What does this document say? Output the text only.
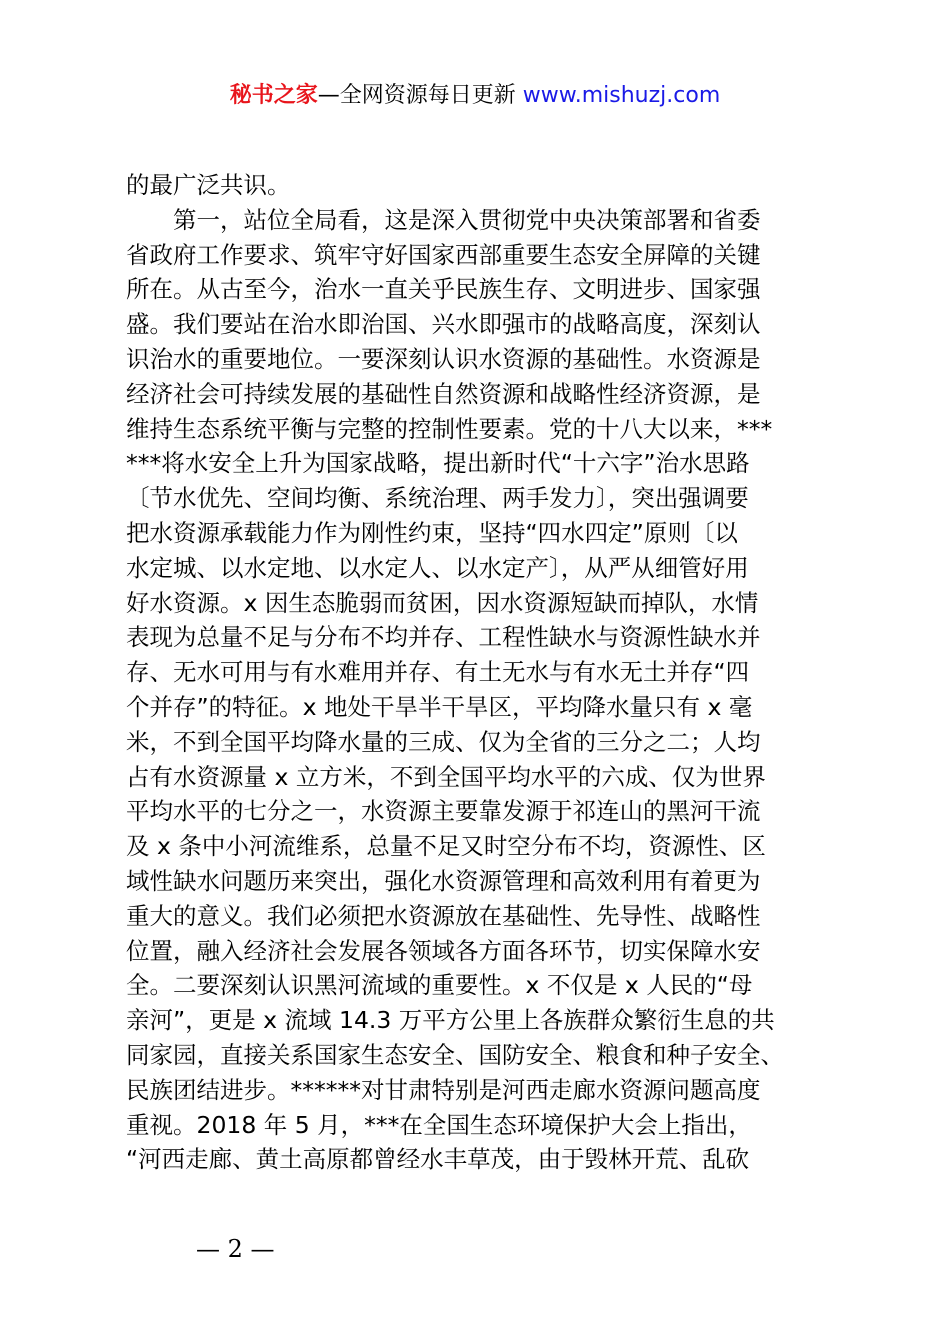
秘书之家—全网资源每日更新 www.mishuzj.com
的最广泛共识。
　　第一，站位全局看，这是深入贯彻党中央决策部署和省委
省政府工作要求、筑牢守好国家西部重要生态安全屏障的关键
所在。从古至今，治水一直关乎民族生存、文明进步、国家强
盛。我们要站在治水即治国、兴水即强市的战略高度，深刻认
识治水的重要地位。一要深刻认识水资源的基础性。水资源是
经济社会可持续发展的基础性自然资源和战略性经济资源，是
维持生态系统平衡与完整的控制性要素。党的十八大以来，***
***将水安全上升为国家战略，提出新时代“十六字”治水思路
〔节水优先、空间均衡、系统治理、两手发力〕，突出强调要
把水资源承载能力作为刚性约束，坚持“四水四定”原则〔以
水定城、以水定地、以水定人、以水定产〕，从严从细管好用
好水资源。x 因生态脆弱而贫困，因水资源短缺而掉队，水情
表现为总量不足与分布不均并存、工程性缺水与资源性缺水并
存、无水可用与有水难用并存、有土无水与有水无土并存“四
个并存”的特征。x 地处干旱半干旱区，平均降水量只有 x 毫
米，不到全国平均降水量的三成、仅为全省的三分之二；人均
占有水资源量 x 立方米，不到全国平均水平的六成、仅为世界
平均水平的七分之一，水资源主要靠发源于祁连山的黑河干流
及 x 条中小河流维系，总量不足又时空分布不均，资源性、区
域性缺水问题历来突出，强化水资源管理和高效利用有着更为
重大的意义。我们必须把水资源放在基础性、先导性、战略性
位置，融入经济社会发展各领域各方面各环节，切实保障水安
全。二要深刻认识黑河流域的重要性。x 不仅是 x 人民的“母
亲河”，更是 x 流域 14.3 万平方公里上各族群众繁衍生息的共
同家园，直接关系国家生态安全、国防安全、粮食和种子安全、
民族团结进步。******对甘肃特别是河西走廊水资源问题高度
重视。2018 年 5 月，***在全国生态环境保护大会上指出，
“河西走廊、黄土高原都曾经水丰草茂，由于毁林开荒、乱砍
— 2 —
